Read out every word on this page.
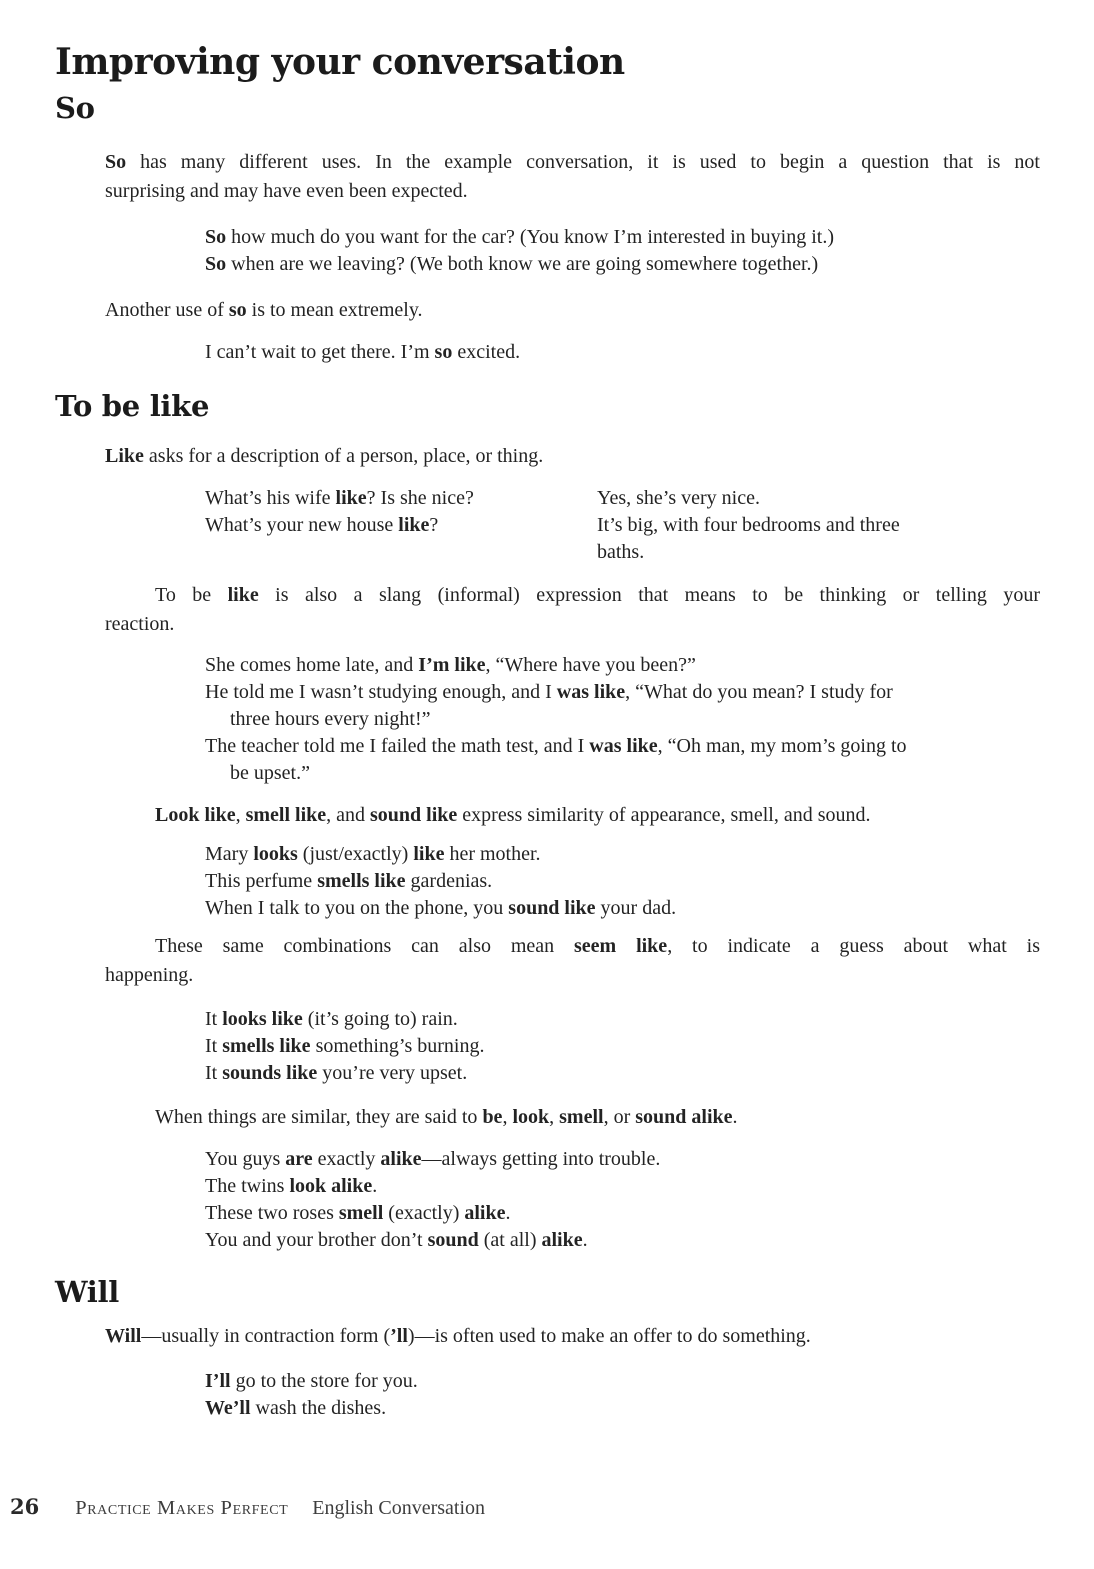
Improving your conversation
So
So has many different uses. In the example conversation, it is used to begin a question that is not
surprising and may have even been expected.
So how much do you want for the car? (You know I’m interested in buying it.)
So when are we leaving? (We both know we are going somewhere together.)
Another use of so is to mean extremely.
I can’t wait to get there. I’m so excited.
To be like
Like asks for a description of a person, place, or thing.
What’s his wife like? Is she nice?	Yes, she’s very nice.
What’s your new house like?	It’s big, with four bedrooms and three baths.
To be like is also a slang (informal) expression that means to be thinking or telling your
reaction.
She comes home late, and I’m like, “Where have you been?”
He told me I wasn’t studying enough, and I was like, “What do you mean? I study for three hours every night!”
The teacher told me I failed the math test, and I was like, “Oh man, my mom’s going to be upset.”
Look like, smell like, and sound like express similarity of appearance, smell, and sound.
Mary looks (just/exactly) like her mother.
This perfume smells like gardenias.
When I talk to you on the phone, you sound like your dad.
These same combinations can also mean seem like, to indicate a guess about what is
happening.
It looks like (it’s going to) rain.
It smells like something’s burning.
It sounds like you’re very upset.
When things are similar, they are said to be, look, smell, or sound alike.
You guys are exactly alike—always getting into trouble.
The twins look alike.
These two roses smell (exactly) alike.
You and your brother don’t sound (at all) alike.
Will
Will—usually in contraction form (’ll)—is often used to make an offer to do something.
I’ll go to the store for you.
We’ll wash the dishes.
26 Practice Makes Perfect English Conversation
